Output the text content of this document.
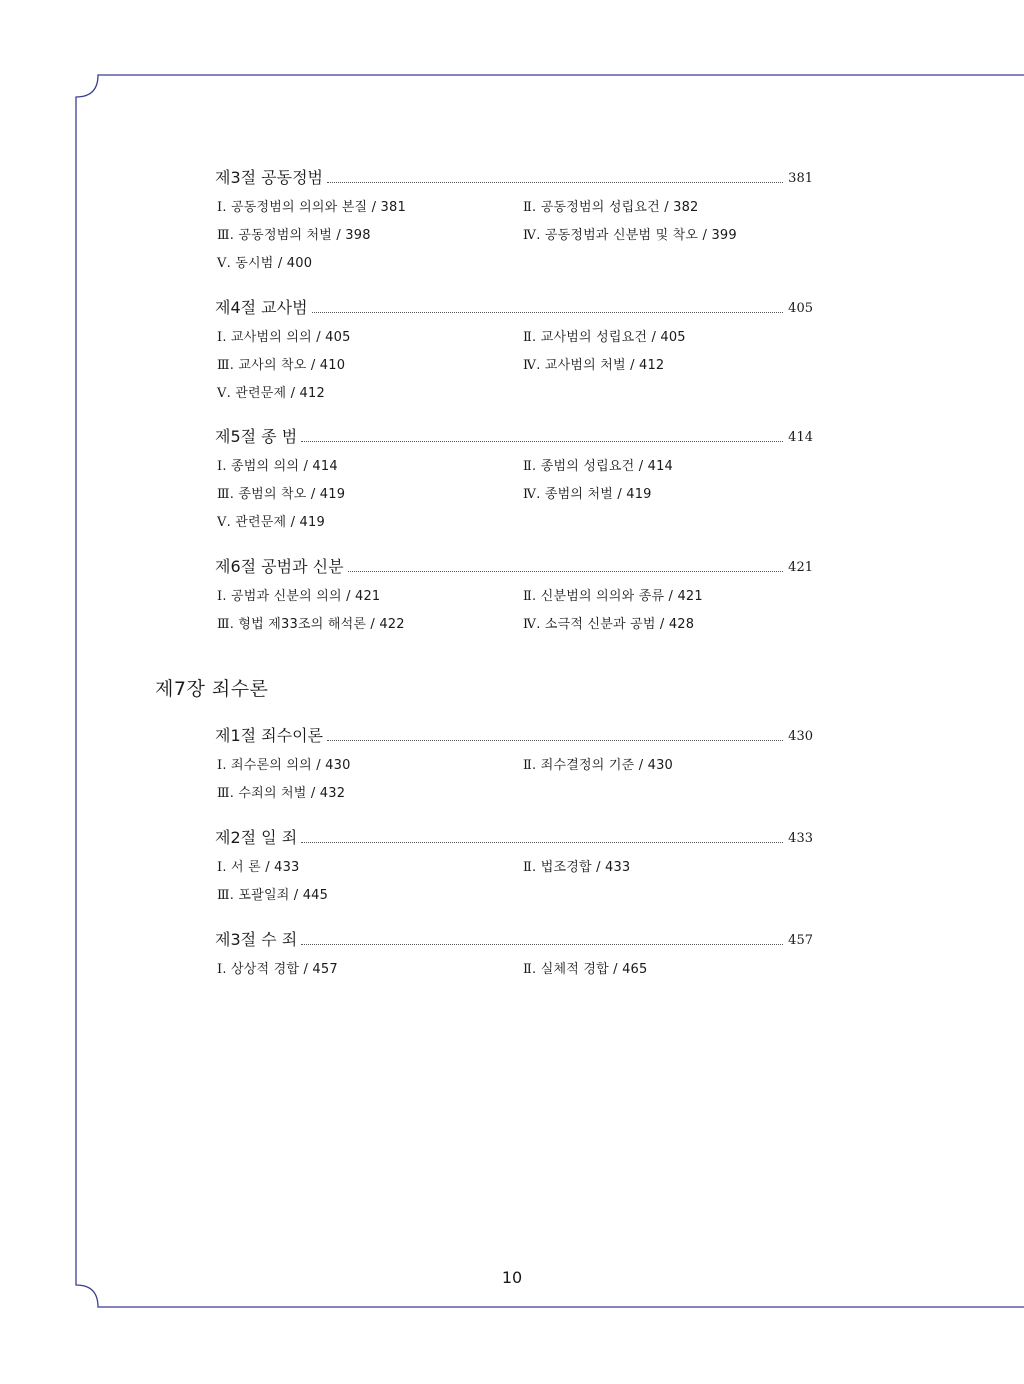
제3절 공동정범	381
Ⅰ. 공동정범의 의의와 본질 / 381	Ⅱ. 공동정범의 성립요건 / 382
Ⅲ. 공동정범의 처벌 / 398	Ⅳ. 공동정범과 신분범 및 착오 / 399
Ⅴ. 동시범 / 400
제4절 교사범	405
Ⅰ. 교사범의 의의 / 405	Ⅱ. 교사범의 성립요건 / 405
Ⅲ. 교사의 착오 / 410	Ⅳ. 교사범의 처벌 / 412
Ⅴ. 관련문제 / 412
제5절 종 범	414
Ⅰ. 종범의 의의 / 414	Ⅱ. 종범의 성립요건 / 414
Ⅲ. 종범의 착오 / 419	Ⅳ. 종범의 처벌 / 419
Ⅴ. 관련문제 / 419
제6절 공범과 신분	421
Ⅰ. 공범과 신분의 의의 / 421	Ⅱ. 신분범의 의의와 종류 / 421
Ⅲ. 형법 제33조의 해석론 / 422	Ⅳ. 소극적 신분과 공범 / 428
제7장 죄수론
제1절 죄수이론	430
Ⅰ. 죄수론의 의의 / 430	Ⅱ. 죄수결정의 기준 / 430
Ⅲ. 수죄의 처벌 / 432
제2절 일 죄	433
Ⅰ. 서 론 / 433	Ⅱ. 법조경합 / 433
Ⅲ. 포괄일죄 / 445
제3절 수 죄	457
Ⅰ. 상상적 경합 / 457	Ⅱ. 실체적 경합 / 465
10
